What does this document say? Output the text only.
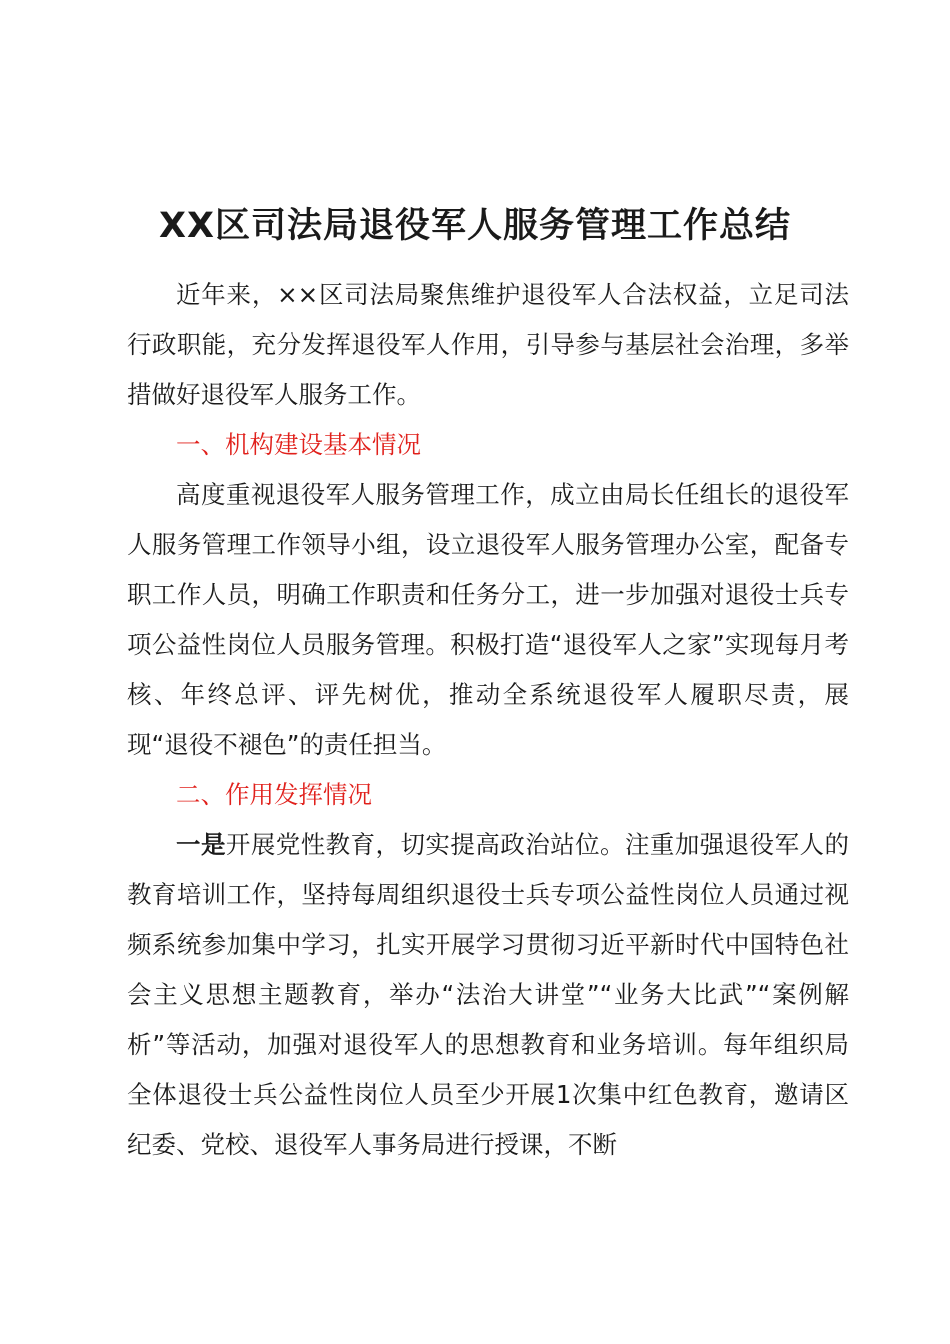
XX区司法局退役军人服务管理工作总结

近年来，××区司法局聚焦维护退役军人合法权益，立足司法行政职能，充分发挥退役军人作用，引导参与基层社会治理，多举措做好退役军人服务工作。

一、机构建设基本情况

高度重视退役军人服务管理工作，成立由局长任组长的退役军人服务管理工作领导小组，设立退役军人服务管理办公室，配备专职工作人员，明确工作职责和任务分工，进一步加强对退役士兵专项公益性岗位人员服务管理。积极打造“退役军人之家”实现每月考核、年终总评、评先树优，推动全系统退役军人履职尽责，展现“退役不褪色”的责任担当。

二、作用发挥情况

一是开展党性教育，切实提高政治站位。注重加强退役军人的教育培训工作，坚持每周组织退役士兵专项公益性岗位人员通过视频系统参加集中学习，扎实开展学习贯彻习近平新时代中国特色社会主义思想主题教育，举办“法治大讲堂”“业务大比武”“案例解析”等活动，加强对退役军人的思想教育和业务培训。每年组织局全体退役士兵公益性岗位人员至少开展1次集中红色教育，邀请区纪委、党校、退役军人事务局进行授课，不断
